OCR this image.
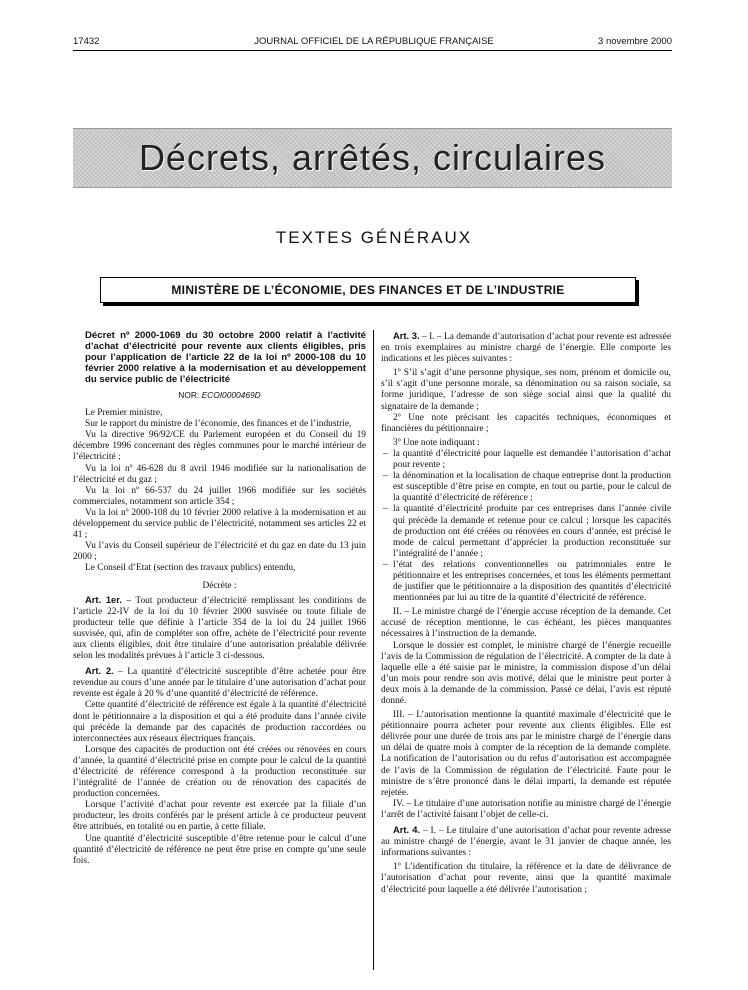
17432	JOURNAL OFFICIEL DE LA RÉPUBLIQUE FRANÇAISE	3 novembre 2000
Décrets, arrêtés, circulaires
TEXTES GÉNÉRAUX
MINISTÈRE DE L’ÉCONOMIE, DES FINANCES ET DE L’INDUSTRIE

Décret nº 2000-1069 du 30 octobre 2000 relatif à l’activité d’achat d’électricité pour revente aux clients éligibles, pris pour l’application de l’article 22 de la loi nº 2000-108 du 10 février 2000 relative à la modernisation et au développement du service public de l’électricité

NOR: ECOI0000469D

Le Premier ministre,

Sur le rapport du ministre de l’économie, des finances et de l’industrie,

Vu la directive 96/92/CE du Parlement européen et du Conseil du 19 décembre 1996 concernant des règles communes pour le marché intérieur de l’électricité ;

Vu la loi nº 46-628 du 8 avril 1946 modifiée sur la nationalisation de l’électricité et du gaz ;

Vu la loi nº 66-537 du 24 juillet 1966 modifiée sur les sociétés commerciales, notamment son article 354 ;

Vu la loi nº 2000-108 du 10 février 2000 relative à la modernisation et au développement du service public de l’électricité, notamment ses articles 22 et 41 ;

Vu l’avis du Conseil supérieur de l’électricité et du gaz en date du 13 juin 2000 ;

Le Conseil d’Etat (section des travaux publics) entendu,

Décrète :

Art. 1er. – Tout producteur d’électricité remplissant les conditions de l’article 22-IV de la loi du 10 février 2000 susvisée ou toute filiale de producteur telle que définie à l’article 354 de la loi du 24 juillet 1966 susvisée, qui, afin de compléter son offre, achète de l’électricité pour revente aux clients éligibles, doit être titulaire d’une autorisation préalable délivrée selon les modalités prévues à l’article 3 ci-dessous.

Art. 2. – La quantité d’électricité susceptible d’être achetée pour être revendue au cours d’une année par le titulaire d’une autorisation d’achat pour revente est égale à 20 % d’une quantité d’électricité de référence.

Cette quantité d’électricité de référence est égale à la quantité d’électricité dont le pétitionnaire a la disposition et qui a été produite dans l’année civile qui précède la demande par des capacités de production raccordées ou interconnectées aux réseaux électriques français.

Lorsque des capacités de production ont été créées ou rénovées en cours d’année, la quantité d’électricité prise en compte pour le calcul de la quantité d’électricité de référence correspond à la production reconstituée sur l’intégralité de l’année de création ou de rénovation des capacités de production concernées.

Lorsque l’activité d’achat pour revente est exercée par la filiale d’un producteur, les droits conférés par le présent article à ce producteur peuvent être attribués, en totalité ou en partie, à cette filiale.

Une quantité d’électricité susceptible d’être retenue pour le calcul d’une quantité d’électricité de référence ne peut être prise en compte qu’une seule fois.

Art. 3. – I. – La demande d’autorisation d’achat pour revente est adressée en trois exemplaires au ministre chargé de l’énergie. Elle comporte les indications et les pièces suivantes :

1º S’il s’agit d’une personne physique, ses nom, prénom et domicile ou, s’il s’agit d’une personne morale, sa dénomination ou sa raison sociale, sa forme juridique, l’adresse de son siège social ainsi que la qualité du signataire de la demande ;

2º Une note précisant les capacités techniques, économiques et financières du pétitionnaire ;

3º Une note indiquant :

– la quantité d’électricité pour laquelle est demandée l’autorisation d’achat pour revente ;
– la dénomination et la localisation de chaque entreprise dont la production est susceptible d’être prise en compte, en tout ou partie, pour le calcul de la quantité d’électricité de référence ;
– la quantité d’électricité produite par ces entreprises dans l’année civile qui précède la demande et retenue pour ce calcul ; lorsque les capacités de production ont été créées ou rénovées en cours d’année, est précisé le mode de calcul permettant d’apprécier la production reconstituée sur l’intégralité de l’année ;
– l’état des relations conventionnelles ou patrimoniales entre le pétitionnaire et les entreprises concernées, et tous les éléments permettant de justifier que le pétitionnaire a la disposition des quantités d’électricité mentionnées par lui au titre de la quantité d’électricité de référence.

II. – Le ministre chargé de l’énergie accuse réception de la demande. Cet accusé de réception mentionne, le cas échéant, les pièces manquantes nécessaires à l’instruction de la demande.

Lorsque le dossier est complet, le ministre chargé de l’énergie recueille l’avis de la Commission de régulation de l’électricité. A compter de la date à laquelle elle a été saisie par le ministre, la commission dispose d’un délai d’un mois pour rendre son avis motivé, délai que le ministre peut porter à deux mois à la demande de la commission. Passé ce délai, l’avis est réputé donné.

III. – L’autorisation mentionne la quantité maximale d’électricité que le pétitionnaire pourra acheter pour revente aux clients éligibles. Elle est délivrée pour une durée de trois ans par le ministre chargé de l’énergie dans un délai de quatre mois à compter de la réception de la demande complète. La notification de l’autorisation ou du refus d’autorisation est accompagnée de l’avis de la Commission de régulation de l’électricité. Faute pour le ministre de s’être prononcé dans le délai imparti, la demande est réputée rejetée.

IV. – Le titulaire d’une autorisation notifie au ministre chargé de l’énergie l’arrêt de l’activité faisant l’objet de celle-ci.

Art. 4. – I. – Le titulaire d’une autorisation d’achat pour revente adresse au ministre chargé de l’énergie, avant le 31 janvier de chaque année, les informations suivantes :

1º L’identification du titulaire, la référence et la date de délivrance de l’autorisation d’achat pour revente, ainsi que la quantité maximale d’électricité pour laquelle a été délivrée l’autorisation ;
